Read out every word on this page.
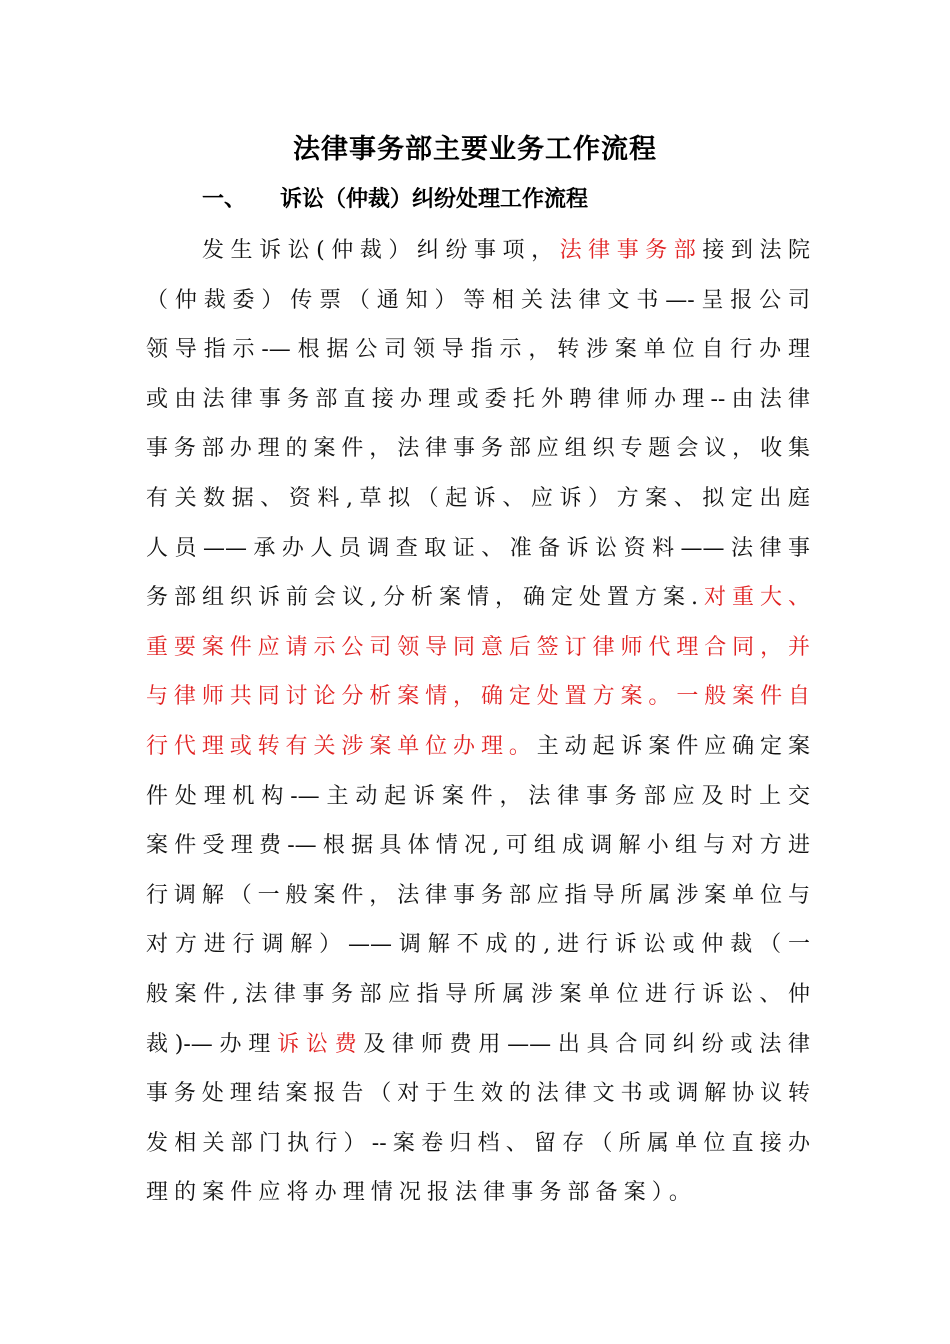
法律事务部主要业务工作流程
一、 诉讼（仲裁）纠纷处理工作流程
发生诉讼(仲裁）纠纷事项，法律事务部接到法院
（仲裁委）传票（通知）等相关法律文书—-呈报公司
领导指示-—根据公司领导指示，转涉案单位自行办理
或由法律事务部直接办理或委托外聘律师办理--由法律
事务部办理的案件，法律事务部应组织专题会议，收集
有关数据、资料,草拟（起诉、应诉）方案、拟定出庭
人员——承办人员调查取证、准备诉讼资料——法律事
务部组织诉前会议,分析案情，确定处置方案.对重大、
重要案件应请示公司领导同意后签订律师代理合同，并
与律师共同讨论分析案情，确定处置方案。一般案件自
行代理或转有关涉案单位办理。主动起诉案件应确定案
件处理机构-—主动起诉案件，法律事务部应及时上交
案件受理费-—根据具体情况,可组成调解小组与对方进
行调解（一般案件，法律事务部应指导所属涉案单位与
对方进行调解）——调解不成的,进行诉讼或仲裁（一
般案件,法律事务部应指导所属涉案单位进行诉讼、仲
裁)-—办理诉讼费及律师费用——出具合同纠纷或法律
事务处理结案报告（对于生效的法律文书或调解协议转
发相关部门执行）--案卷归档、留存（所属单位直接办
理的案件应将办理情况报法律事务部备案）。
